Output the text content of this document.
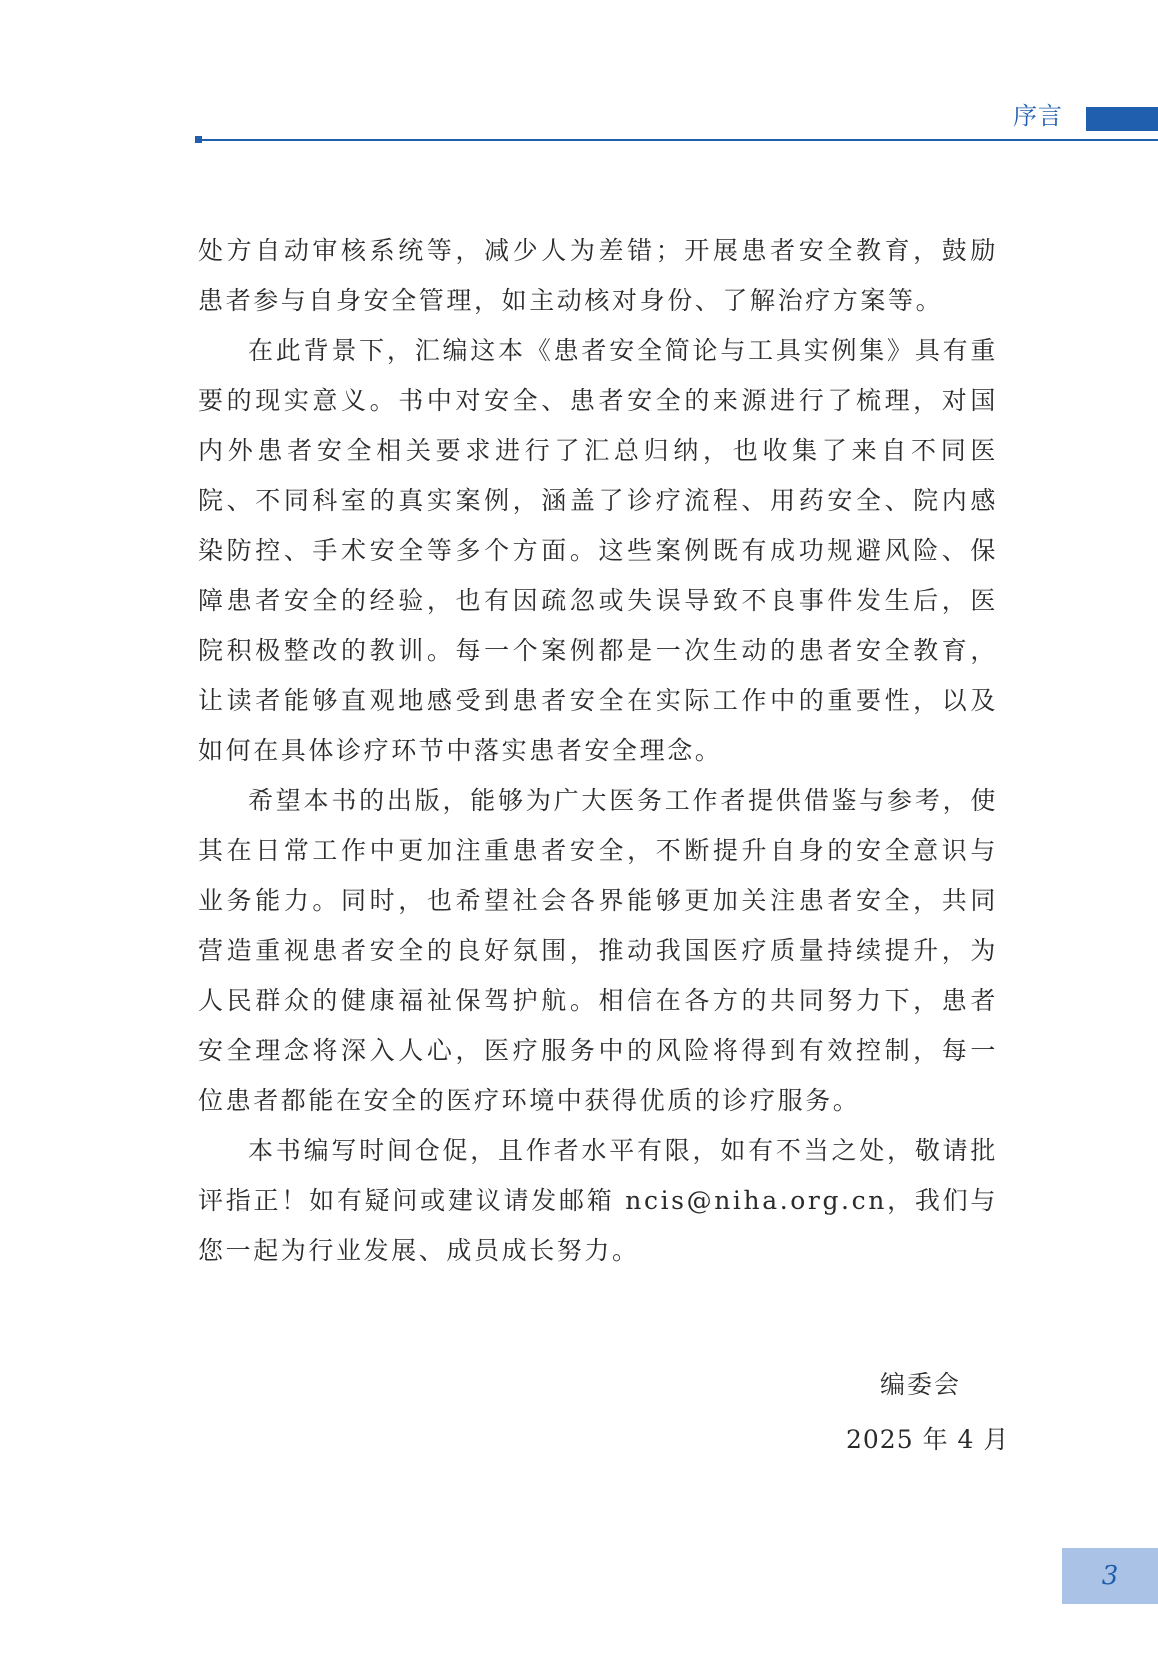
序言

处方自动审核系统等，减少人为差错；开展患者安全教育，鼓励患者参与自身安全管理，如主动核对身份、了解治疗方案等。

在此背景下，汇编这本《患者安全简论与工具实例集》具有重要的现实意义。书中对安全、患者安全的来源进行了梳理，对国内外患者安全相关要求进行了汇总归纳，也收集了来自不同医院、不同科室的真实案例，涵盖了诊疗流程、用药安全、院内感染防控、手术安全等多个方面。这些案例既有成功规避风险、保障患者安全的经验，也有因疏忽或失误导致不良事件发生后，医院积极整改的教训。每一个案例都是一次生动的患者安全教育，让读者能够直观地感受到患者安全在实际工作中的重要性，以及如何在具体诊疗环节中落实患者安全理念。

希望本书的出版，能够为广大医务工作者提供借鉴与参考，使其在日常工作中更加注重患者安全，不断提升自身的安全意识与业务能力。同时，也希望社会各界能够更加关注患者安全，共同营造重视患者安全的良好氛围，推动我国医疗质量持续提升，为人民群众的健康福祉保驾护航。相信在各方的共同努力下，患者安全理念将深入人心，医疗服务中的风险将得到有效控制，每一位患者都能在安全的医疗环境中获得优质的诊疗服务。

本书编写时间仓促，且作者水平有限，如有不当之处，敬请批评指正！如有疑问或建议请发邮箱 ncis@niha.org.cn，我们与您一起为行业发展、成员成长努力。

编委会
2025 年 4 月
3
